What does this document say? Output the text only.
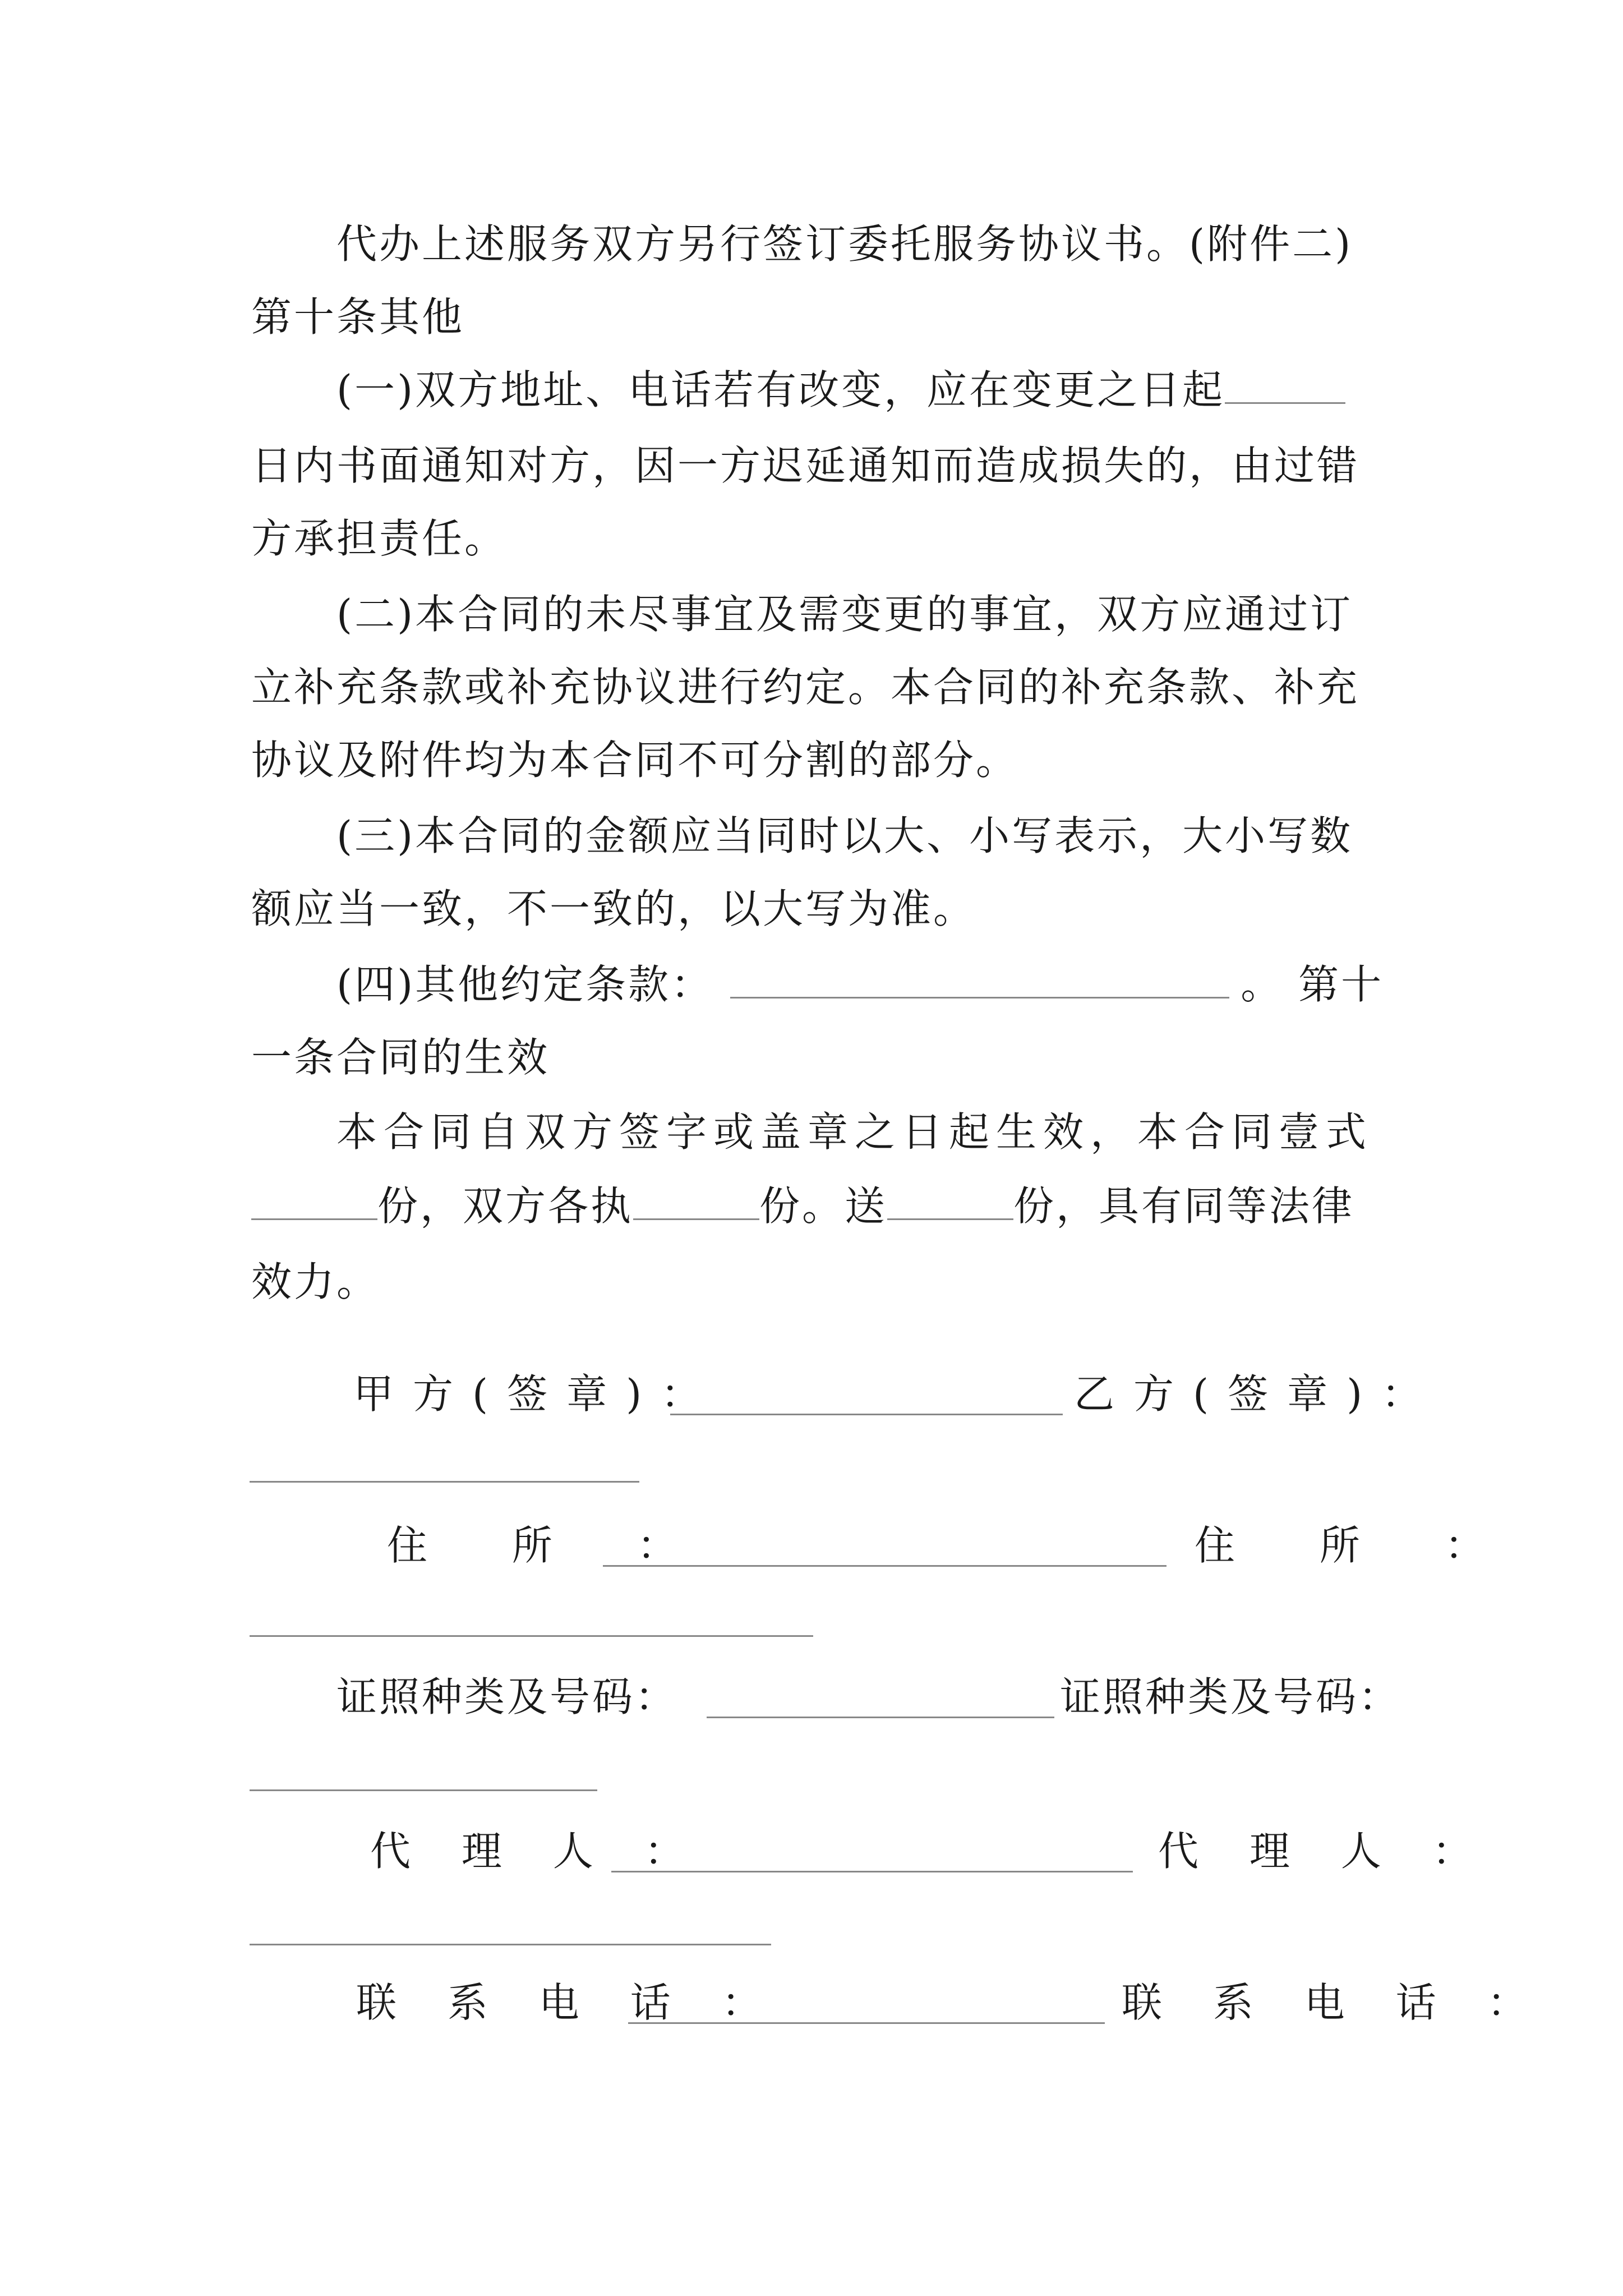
代办上述服务双方另行签订委托服务协议书。(附件二)
第十条其他
(一)双方地址、电话若有改变，应在变更之日起
日内书面通知对方，因一方迟延通知而造成损失的，由过错
方承担责任。
(二)本合同的未尽事宜及需变更的事宜，双方应通过订
立补充条款或补充协议进行约定。本合同的补充条款、补充
协议及附件均为本合同不可分割的部分。
(三)本合同的金额应当同时以大、小写表示，大小写数
额应当一致，不一致的，以大写为准。
(四)其他约定条款：	。 第十
一条合同的生效
本合同自双方签字或盖章之日起生效，本合同壹式
份，双方各执	份。送	份，具有同等法律
效力。
甲方(签章)：	乙方(签章)：
住 所 ：	住 所 ：
证照种类及号码：	证照种类及号码：
代 理 人 ：	代 理 人 ：
联 系 电 话 ：	联 系 电 话 ：
